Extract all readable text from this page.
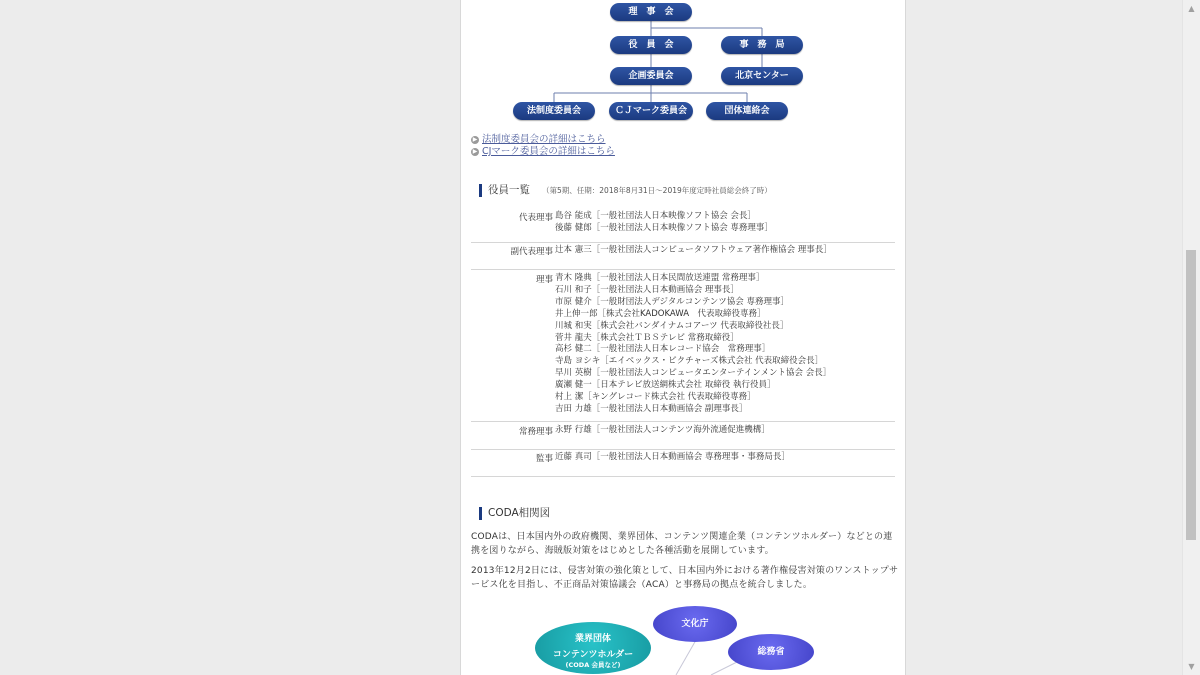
理　事　会
役　員　会	事　務　局
企画委員会	北京センター
法制度委員会	ＣＪマーク委員会	団体連絡会
▶ 法制度委員会の詳細はこちら
▶ CJマーク委員会の詳細はこちら
役員一覧 （第5期、任期：2018年8月31日～2019年度定時社員総会終了時）
代表理事 島谷 能成［一般社団法人日本映像ソフト協会 会長］
後藤 健郎［一般社団法人日本映像ソフト協会 専務理事］
副代表理事 辻本 憲三［一般社団法人コンピュータソフトウェア著作権協会 理事長］
理事 青木 隆典［一般社団法人日本民間放送連盟 常務理事］
石川 和子［一般社団法人日本動画協会 理事長］
市原 健介［一般財団法人デジタルコンテンツ協会 専務理事］
井上伸一郎［株式会社KADOKAWA　代表取締役専務］
川城 和実［株式会社バンダイナムコアーツ 代表取締役社長］
菅井 龍夫［株式会社ＴＢＳテレビ 常務取締役］
高杉 健二［一般社団法人日本レコード協会　常務理事］
寺島 ヨシキ［エイベックス・ピクチャーズ株式会社 代表取締役会長］
早川 英樹［一般社団法人コンピュータエンターテインメント協会 会長］
廣瀬 健一［日本テレビ放送網株式会社 取締役 執行役員］
村上 潔［キングレコード株式会社 代表取締役専務］
吉田 力雄［一般社団法人日本動画協会 副理事長］
常務理事 永野 行雄［一般社団法人コンテンツ海外流通促進機構］
監事 近藤 真司［一般社団法人日本動画協会 専務理事・事務局長］
CODA相関図
CODAは、日本国内外の政府機関、業界団体、コンテンツ関連企業（コンテンツホルダー）などとの連携を図りながら、海賊版対策をはじめとした各種活動を展開しています。
2013年12月2日には、侵害対策の強化策として、日本国内外における著作権侵害対策のワンストップサービス化を目指し、不正商品対策協議会（ACA）と事務局の拠点を統合しました。
業界団体
コンテンツホルダー
(CODA 会員など)
文化庁
総務省
▲
▼
